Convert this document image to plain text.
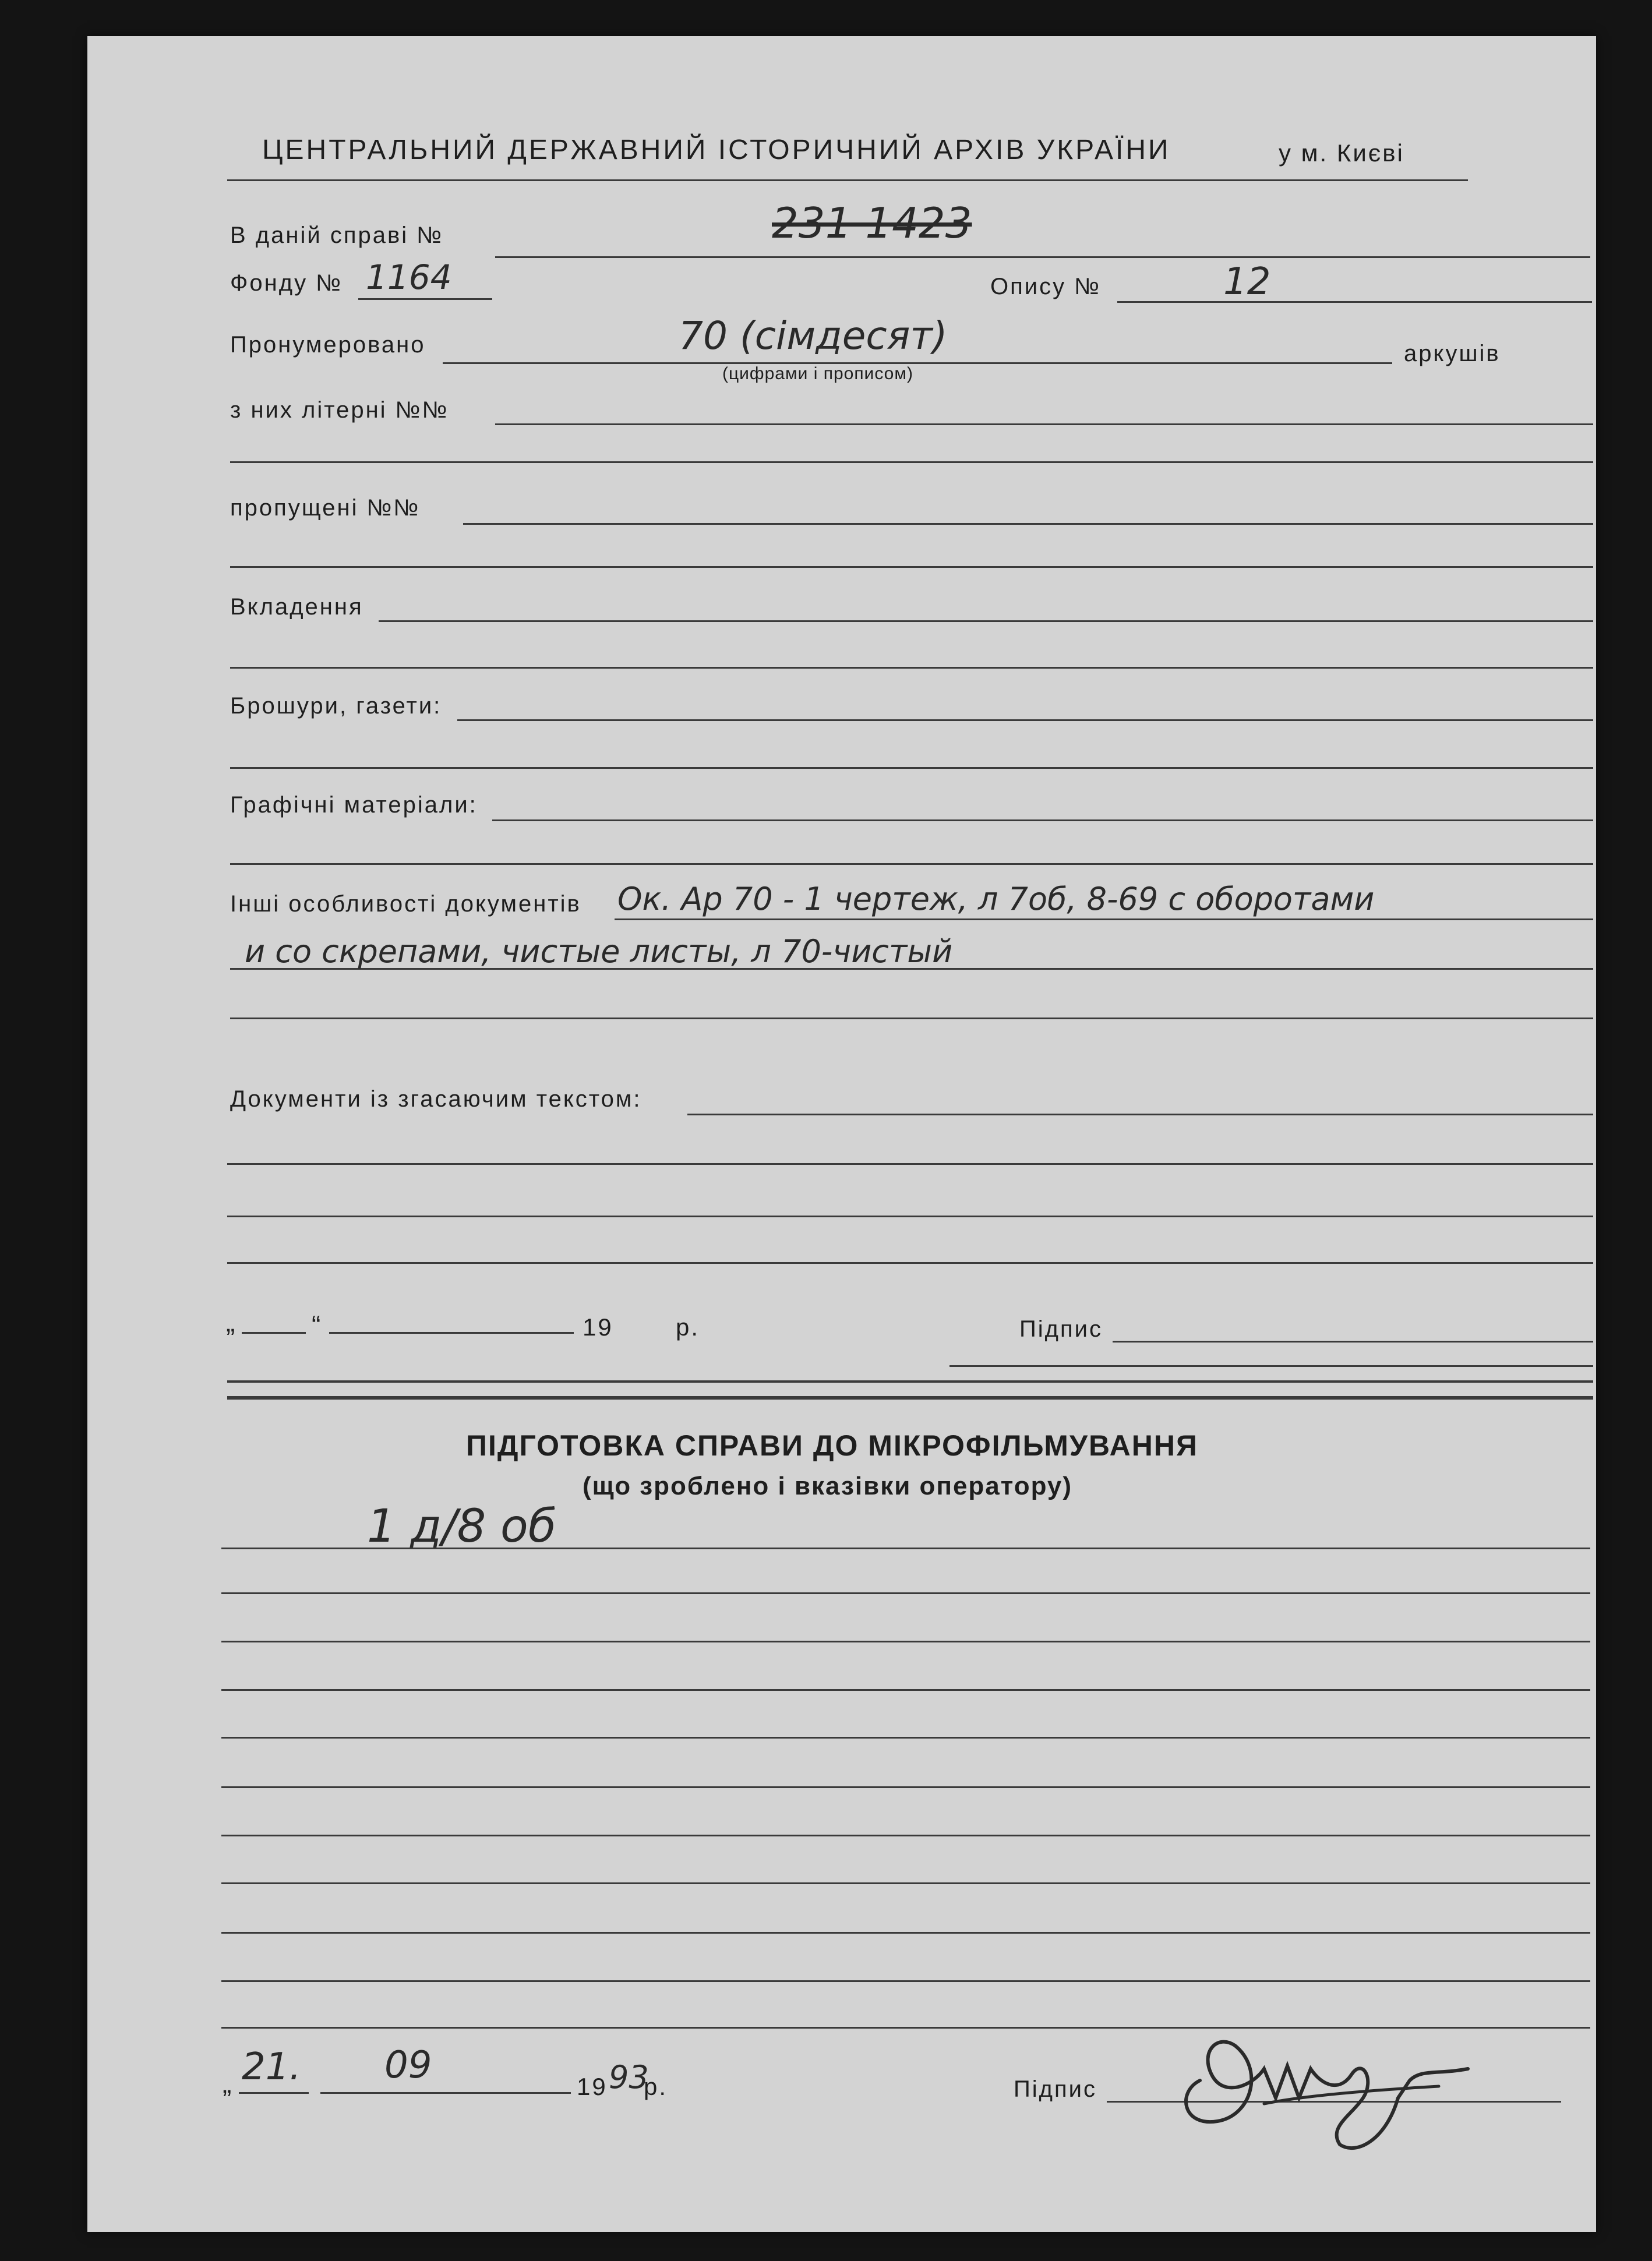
ЦЕНТРАЛЬНИЙ ДЕРЖАВНИЙ ІСТОРИЧНИЙ АРХІВ УКРАЇНИ	у м. Києві
В даній справі №	231 1423
Фонду № 1164	Опису №	12
Пронумеровано	70 (сімдесят)
(цифрами і прописом)
аркушів
з них літерні №№
пропущені №№
Вкладення
Брошури, газети:
Графічні матеріали:
Інші особливості документів Ок. Ар 70 - 1 чертеж, л 7об, 8-69 с оборотами
и со скрепами, чистые листы, л 70-чистый
Документи із згасаючим текстом:
„	“	19	р.	Підпис
ПІДГОТОВКА СПРАВИ ДО МІКРОФІЛЬМУВАННЯ
(що зроблено і вказівки оператору)
1 д/8 об
„ 21. 09	19 93
р.	Підпис
